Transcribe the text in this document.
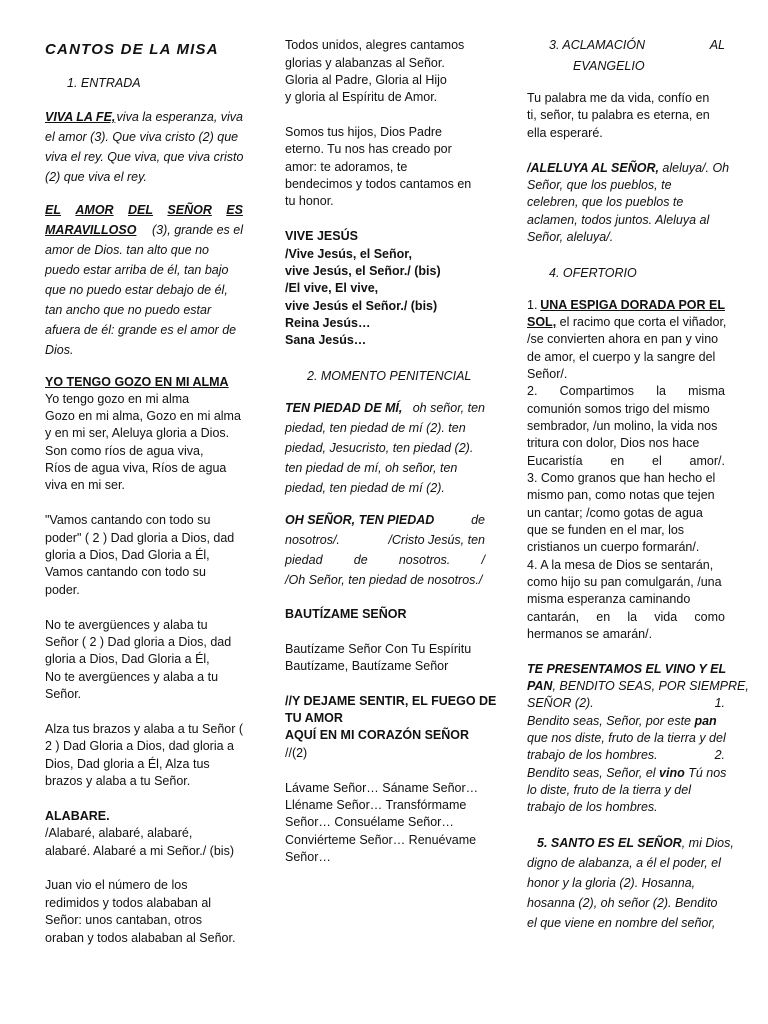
CANTOS DE LA MISA
1. ENTRADA
VIVA LA FE, viva la esperanza, viva
el amor (3). Que viva cristo (2) que
viva el rey. Que viva, que viva cristo
(2) que viva el rey.
EL AMOR DEL SEÑOR ES
MARAVILLOSO (3), grande es el
amor de Dios. tan alto que no
puedo estar arriba de él, tan bajo
que no puedo estar debajo de él,
tan ancho que no puedo estar
afuera de él: grande es el amor de
Dios.
YO TENGO GOZO EN MI ALMA
Yo tengo gozo en mi alma
Gozo en mi alma, Gozo en mi alma
y en mi ser, Aleluya gloria a Dios.
Son como ríos de agua viva,
Ríos de agua viva, Ríos de agua
viva en mi ser.
"Vamos cantando con todo su
poder" ( 2 ) Dad gloria a Dios, dad
gloria a Dios, Dad Gloria a Él,
Vamos cantando con todo su
poder.
No te avergüences y alaba tu
Señor ( 2 ) Dad gloria a Dios, dad
gloria a Dios, Dad Gloria a Él,
No te avergüences y alaba a tu
Señor.
Alza tus brazos y alaba a tu Señor (
2 ) Dad Gloria a Dios, dad gloria a
Dios, Dad gloria a Él, Alza tus
brazos y alaba a tu Señor.
ALABARE.
/Alabaré, alabaré, alabaré,
alabaré. Alabaré a mi Señor./ (bis)
Juan vio el número de los
redimidos y todos alababan al
Señor: unos cantaban, otros
oraban y todos alababan al Señor.
Todos unidos, alegres cantamos
glorias y alabanzas al Señor.
Gloria al Padre, Gloria al Hijo
y gloria al Espíritu de Amor.
Somos tus hijos, Dios Padre
eterno. Tu nos has creado por
amor: te adoramos, te
bendecimos y todos cantamos en
tu honor.
VIVE JESÚS
/Vive Jesús, el Señor,
vive Jesús, el Señor./ (bis)
/El vive, El vive,
vive Jesús el Señor./ (bis)
Reina Jesús…
Sana Jesús…
2. MOMENTO PENITENCIAL
TEN PIEDAD DE MÍ, oh señor, ten
piedad, ten piedad de mí (2). ten
piedad, Jesucristo, ten piedad (2).
ten piedad de mí, oh señor, ten
piedad, ten piedad de mí (2).
OH SEÑOR, TEN PIEDAD	de
nosotros/.	/Cristo Jesús, ten
piedad de nosotros. /
/Oh Señor, ten piedad de nosotros./
BAUTÍZAME SEÑOR
Bautízame Señor Con Tu Espíritu
Bautízame, Bautízame Señor
//Y DEJAME SENTIR, EL FUEGO DE
TU AMOR
AQUÍ EN MI CORAZÓN SEÑOR
//(2)
Lávame Señor… Sáname Señor…
Lléname Señor… Transfórmame
Señor… Consuélame Señor…
Conviérteme Señor… Renuévame
Señor…
3. ACLAMACIÓN	AL
EVANGELIO
Tu palabra me da vida, confío en
ti, señor, tu palabra es eterna, en
ella esperaré.
/ALELUYA AL SEÑOR, aleluya/. Oh
Señor, que los pueblos, te
celebren, que los pueblos te
aclamen, todos juntos. Aleluya al
Señor, aleluya/.
4. OFERTORIO
1. UNA ESPIGA DORADA POR EL
SOL, el racimo que corta el viñador,
/se convierten ahora en pan y vino
de amor, el cuerpo y la sangre del
Señor/.
2. Compartimos la misma
comunión somos trigo del mismo
sembrador, /un molino, la vida nos
tritura con dolor, Dios nos hace
Eucaristía en el amor/.
3. Como granos que han hecho el
mismo pan, como notas que tejen
un cantar; /como gotas de agua
que se funden en el mar, los
cristianos un cuerpo formarán/.
4. A la mesa de Dios se sentarán,
como hijo su pan comulgarán, /una
misma esperanza caminando
cantarán, en la vida como
hermanos se amarán/.
TE PRESENTAMOS EL VINO Y EL
PAN, BENDITO SEAS, POR SIEMPRE,
SEÑOR (2).	1.
Bendito seas, Señor, por este pan
que nos diste, fruto de la tierra y del
trabajo de los hombres.	2.
Bendito seas, Señor, el vino Tú nos
lo diste, fruto de la tierra y del
trabajo de los hombres.
5. SANTO ES EL SEÑOR, mi Dios,
digno de alabanza, a él el poder, el
honor y la gloria (2). Hosanna,
hosanna (2), oh señor (2). Bendito
el que viene en nombre del señor,
